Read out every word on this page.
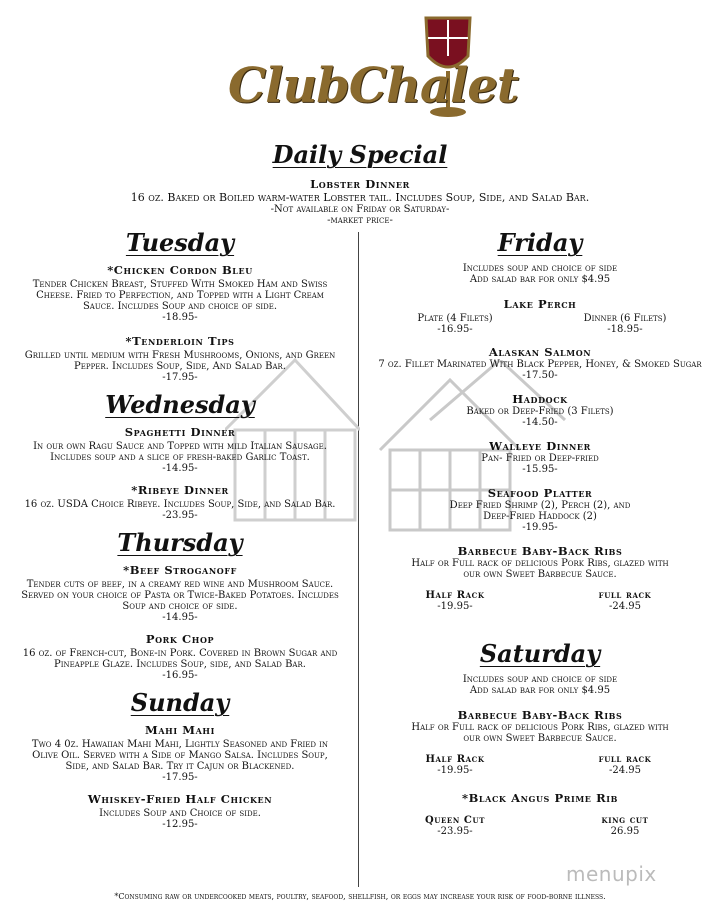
ClubChalet
Daily Special
Lobster Dinner
16 oz. Baked or Boiled warm-water Lobster tail. Includes Soup, Side, and Salad Bar.
-Not available on Friday or Saturday-
-market price-
Tuesday
*Chicken Cordon Bleu
Tender Chicken Breast, Stuffed With Smoked Ham and Swiss Cheese. Fried to Perfection, and Topped with a Light Cream Sauce. Includes Soup and choice of side.
-18.95-
*Tenderloin Tips
Grilled until medium with Fresh Mushrooms, Onions, and Green Pepper. Includes Soup, Side, And Salad Bar.
-17.95-
Wednesday
Spaghetti Dinner
In our own Ragu Sauce and Topped with mild Italian Sausage. Includes soup and a slice of fresh-baked Garlic Toast.
-14.95-
*Ribeye Dinner
16 oz. USDA Choice Ribeye. Includes Soup, Side, and Salad Bar.
-23.95-
Thursday
*Beef Stroganoff
Tender cuts of beef, in a creamy red wine and Mushroom Sauce. Served on your choice of Pasta or Twice-Baked Potatoes. Includes Soup and choice of side.
-14.95-
Pork Chop
16 oz. of French-cut, Bone-in Pork. Covered in Brown Sugar and Pineapple Glaze. Includes Soup, side, and Salad Bar.
-16.95-
Sunday
Mahi Mahi
Two 4 0z. Hawaiian Mahi Mahi, Lightly Seasoned and Fried in Olive Oil. Served with a Side of Mango Salsa. Includes Soup, Side, and Salad Bar. Try it Cajun or Blackened.
-17.95-
Whiskey-Fried Half Chicken
Includes Soup and Choice of side.
-12.95-
Friday
Includes soup and choice of side
Add salad bar for only $4.95
Lake Perch
Plate (4 Filets)
-16.95-
Dinner (6 Filets)
-18.95-
Alaskan Salmon
7 oz. Fillet Marinated With Black Pepper, Honey, & Smoked Sugar
-17.50-
Haddock
Baked or Deep-Fried (3 Filets)
-14.50-
Walleye Dinner
Pan- Fried or Deep-fried
-15.95-
Seafood Platter
Deep Fried Shrimp (2), Perch (2), and Deep-Fried Haddock (2)
-19.95-
Barbecue Baby-Back Ribs
Half or Full rack of delicious Pork Ribs, glazed with our own Sweet Barbecue Sauce.
Half Rack
-19.95-
full rack
-24.95
Saturday
Includes soup and choice of side
Add salad bar for only $4.95
Barbecue Baby-Back Ribs
Half or Full rack of delicious Pork Ribs, glazed with our own Sweet Barbecue Sauce.
Half Rack
-19.95-
full rack
-24.95
*Black Angus Prime Rib
Queen Cut
-23.95-
king cut
26.95
menupix
*Consuming raw or undercooked meats, poultry, seafood, shellfish, or eggs may increase your risk of food-borne illness.
